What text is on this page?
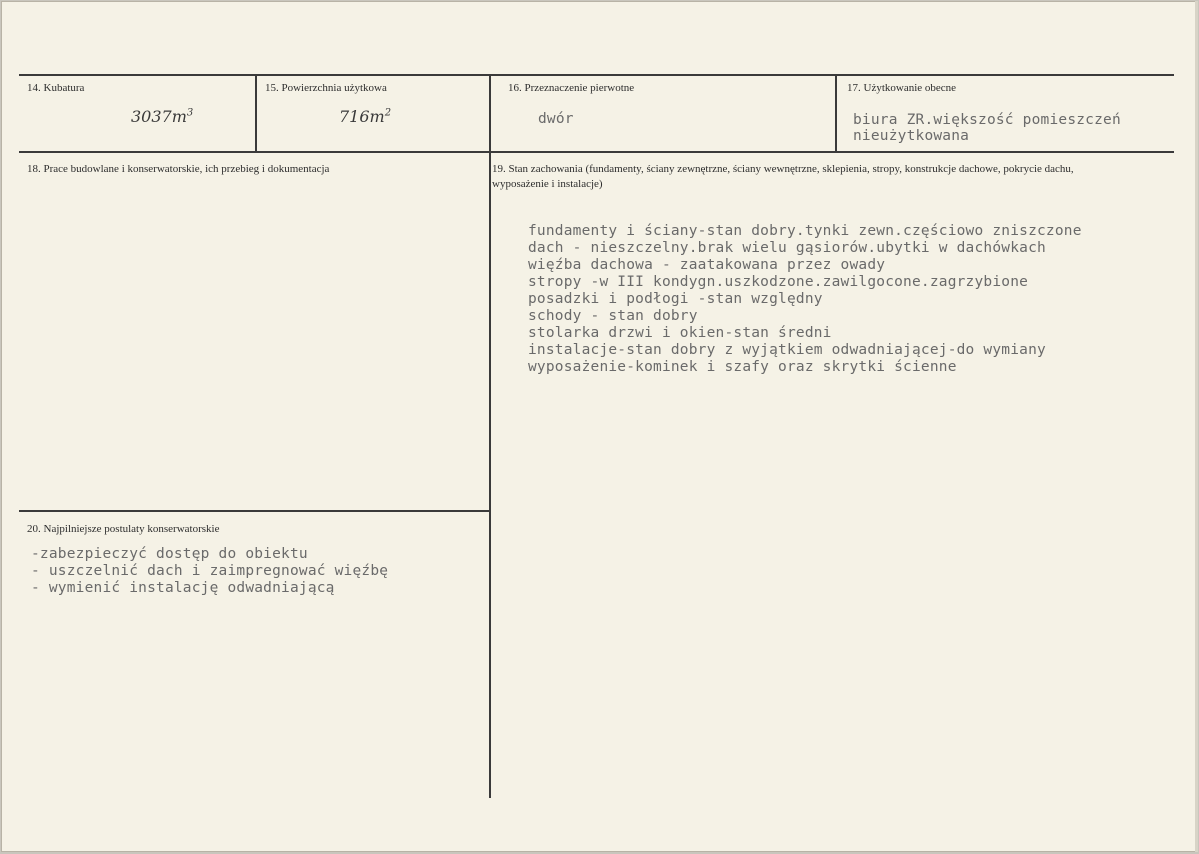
14. Kubatura
$3037m^3$
15. Powierzchnia użytkowa
$716m^2$
16. Przeznaczenie pierwotne
dwór
17. Użytkowanie obecne
biura ZR.większość pomieszczeń
nieużytkowana
18. Prace budowlane i konserwatorskie, ich przebieg i dokumentacja	19. Stan zachowania (fundamenty, ściany zewnętrzne, ściany wewnętrzne, sklepienia, stropy, konstrukcje dachowe, pokrycie dachu, wyposażenie i instalacje)
fundamenty i ściany-stan dobry.tynki zewn.częściowo zniszczone
dach - nieszczelny.brak wielu gąsiorów.ubytki w dachówkach
więźba dachowa - zaatakowana przez owady
stropy -w III kondygn.uszkodzone.zawilgocone.zagrzybione
posadzki i podłogi -stan względny
schody - stan dobry
stolarka drzwi i okien-stan średni
instalacje-stan dobry z wyjątkiem odwadniającej-do wymiany
wyposażenie-kominek i szafy oraz skrytki ścienne
20. Najpilniejsze postulaty konserwatorskie
-zabezpieczyć dostęp do obiektu
- uszczelnić dach i zaimpregnować więźbę
- wymienić instalację odwadniającą
